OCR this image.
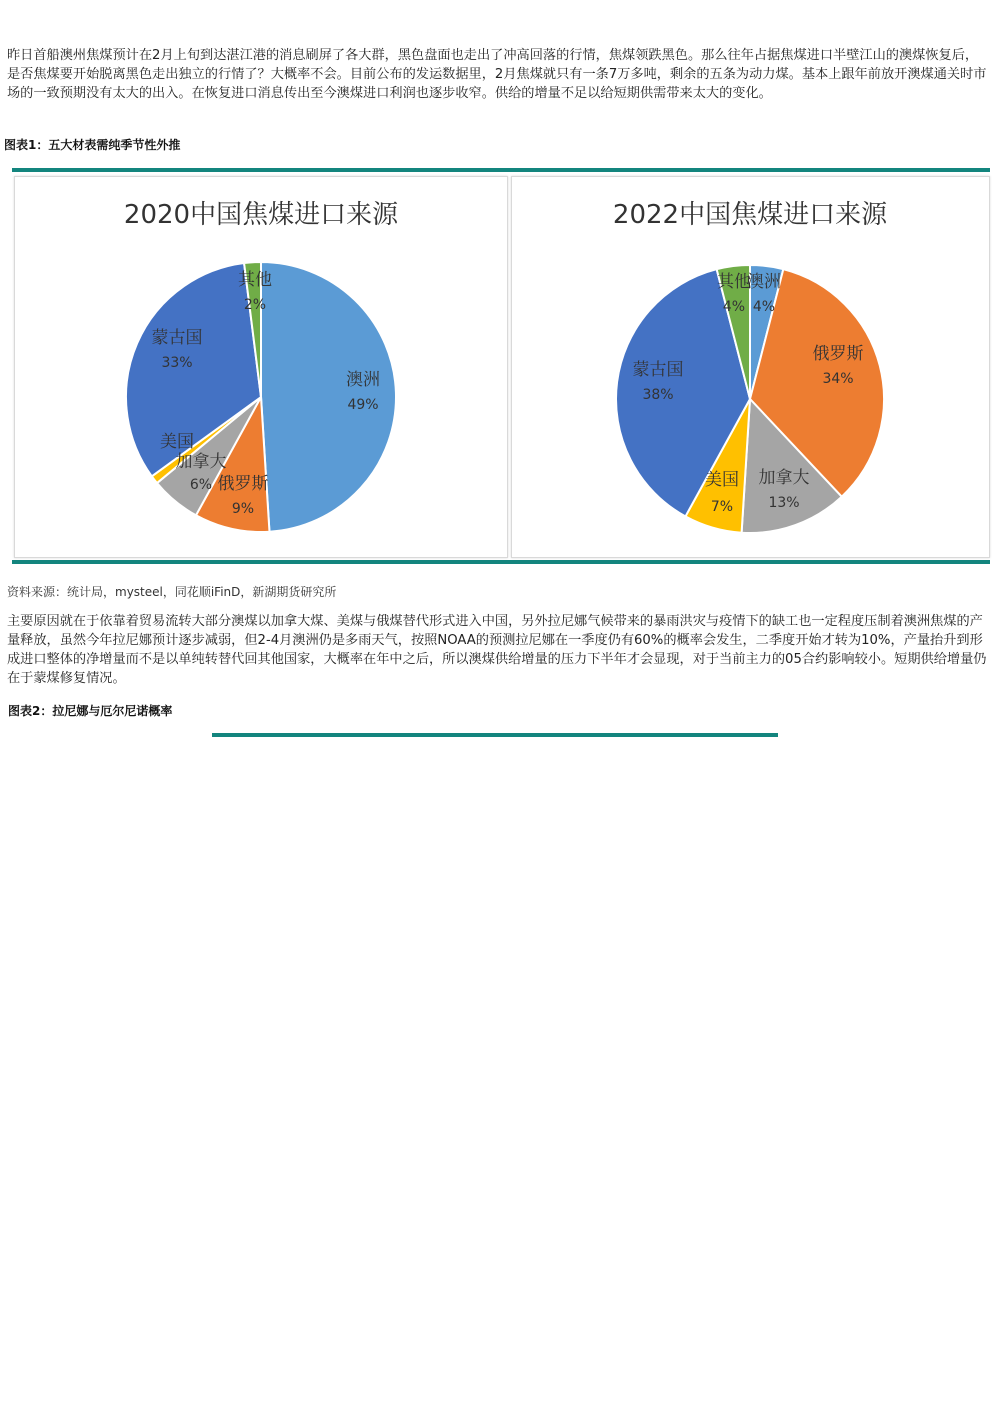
昨日首船澳州焦煤预计在2月上旬到达湛江港的消息刷屏了各大群，黑色盘面也走出了冲高回落的行情，焦煤领跌黑色。那么往年占据焦煤进口半壁江山的澳煤恢复后，是否焦煤要开始脱离黑色走出独立的行情了？大概率不会。目前公布的发运数据里，2月焦煤就只有一条7万多吨，剩余的五条为动力煤。基本上跟年前放开澳煤通关时市场的一致预期没有太大的出入。在恢复进口消息传出至今澳煤进口利润也逐步收窄。供给的增量不足以给短期供需带来太大的变化。

图表1：五大材表需纯季节性外推
2020中国焦煤进口来源
澳洲
49%
俄罗斯
9%
加拿大
6%
美国
蒙古国
33%
其他
2%
2022中国焦煤进口来源
澳洲
4%
俄罗斯
34%
加拿大
13%
美国
7%
蒙古国
38%
其他
4%
资料来源：统计局，mysteel，同花顺iFinD，新湖期货研究所

主要原因就在于依靠着贸易流转大部分澳煤以加拿大煤、美煤与俄煤替代形式进入中国，另外拉尼娜气候带来的暴雨洪灾与疫情下的缺工也一定程度压制着澳洲焦煤的产量释放，虽然今年拉尼娜预计逐步减弱，但2-4月澳洲仍是多雨天气，按照NOAA的预测拉尼娜在一季度仍有60%的概率会发生，二季度开始才转为10%，产量抬升到形成进口整体的净增量而不是以单纯转替代回其他国家，大概率在年中之后，所以澳煤供给增量的压力下半年才会显现，对于当前主力的05合约影响较小。短期供给增量仍在于蒙煤修复情况。

图表2：拉尼娜与厄尔尼诺概率
